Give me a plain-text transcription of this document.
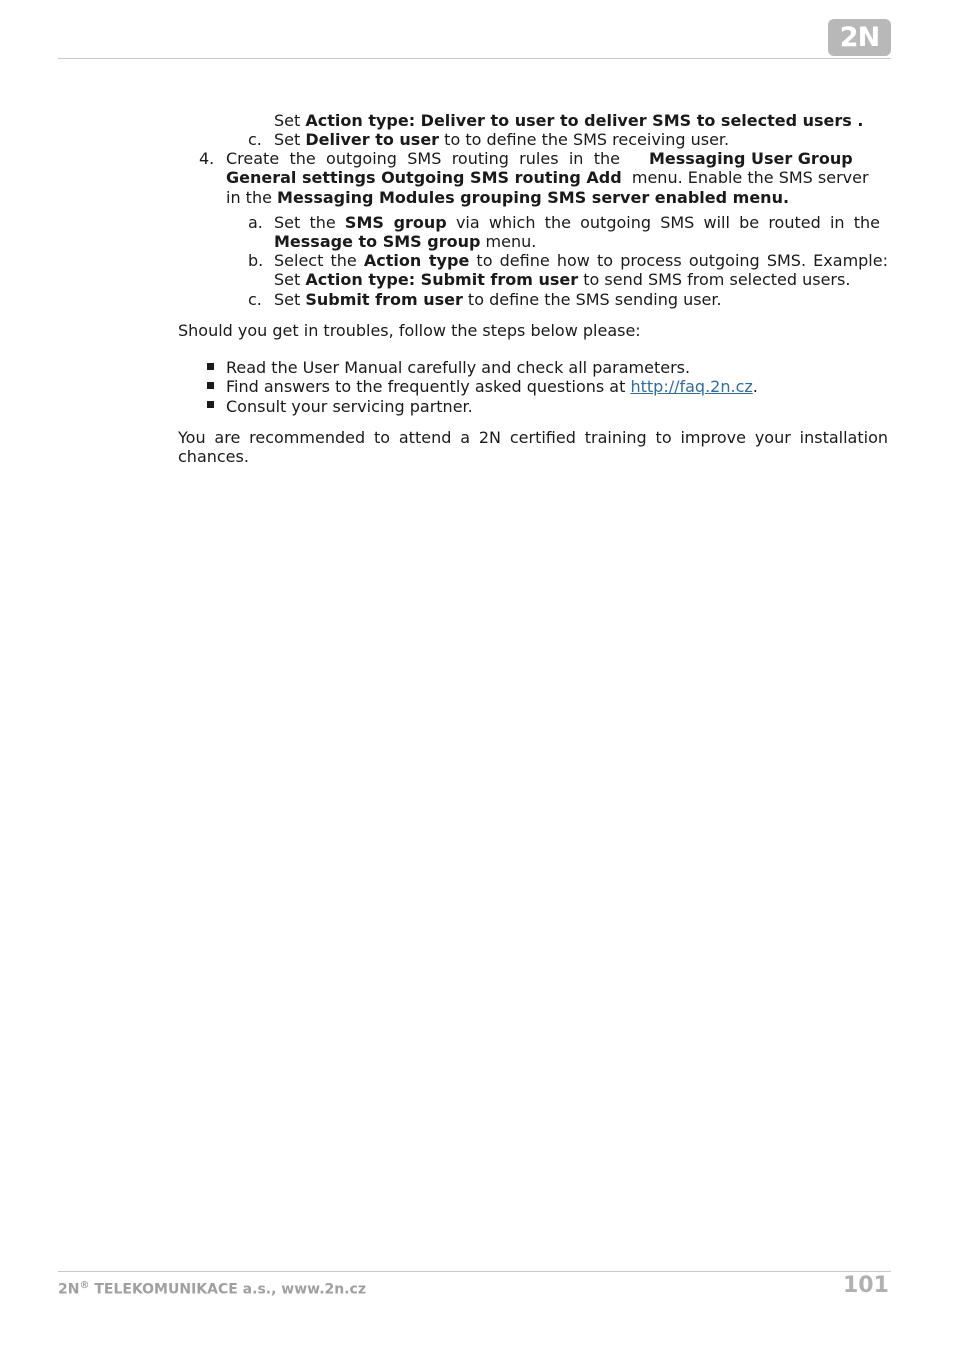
2N
Set Action type: Deliver to user to deliver SMS to selected users .
c. Set Deliver to user to to define the SMS receiving user.
4. Create the outgoing SMS routing rules in the Messaging User Group
General settings Outgoing SMS routing Add menu. Enable the SMS server
in the Messaging Modules grouping SMS server enabled menu.
a. Set the SMS group via which the outgoing SMS will be routed in the
Message to SMS group menu.
b. Select the Action type to define how to process outgoing SMS. Example:
Set Action type: Submit from user to send SMS from selected users.
c. Set Submit from user to define the SMS sending user.
Should you get in troubles, follow the steps below please:
Read the User Manual carefully and check all parameters.
Find answers to the frequently asked questions at http://faq.2n.cz.
Consult your servicing partner.
You are recommended to attend a 2N certified training to improve your installation
chances.
2N® TELEKOMUNIKACE a.s., www.2n.cz	101
